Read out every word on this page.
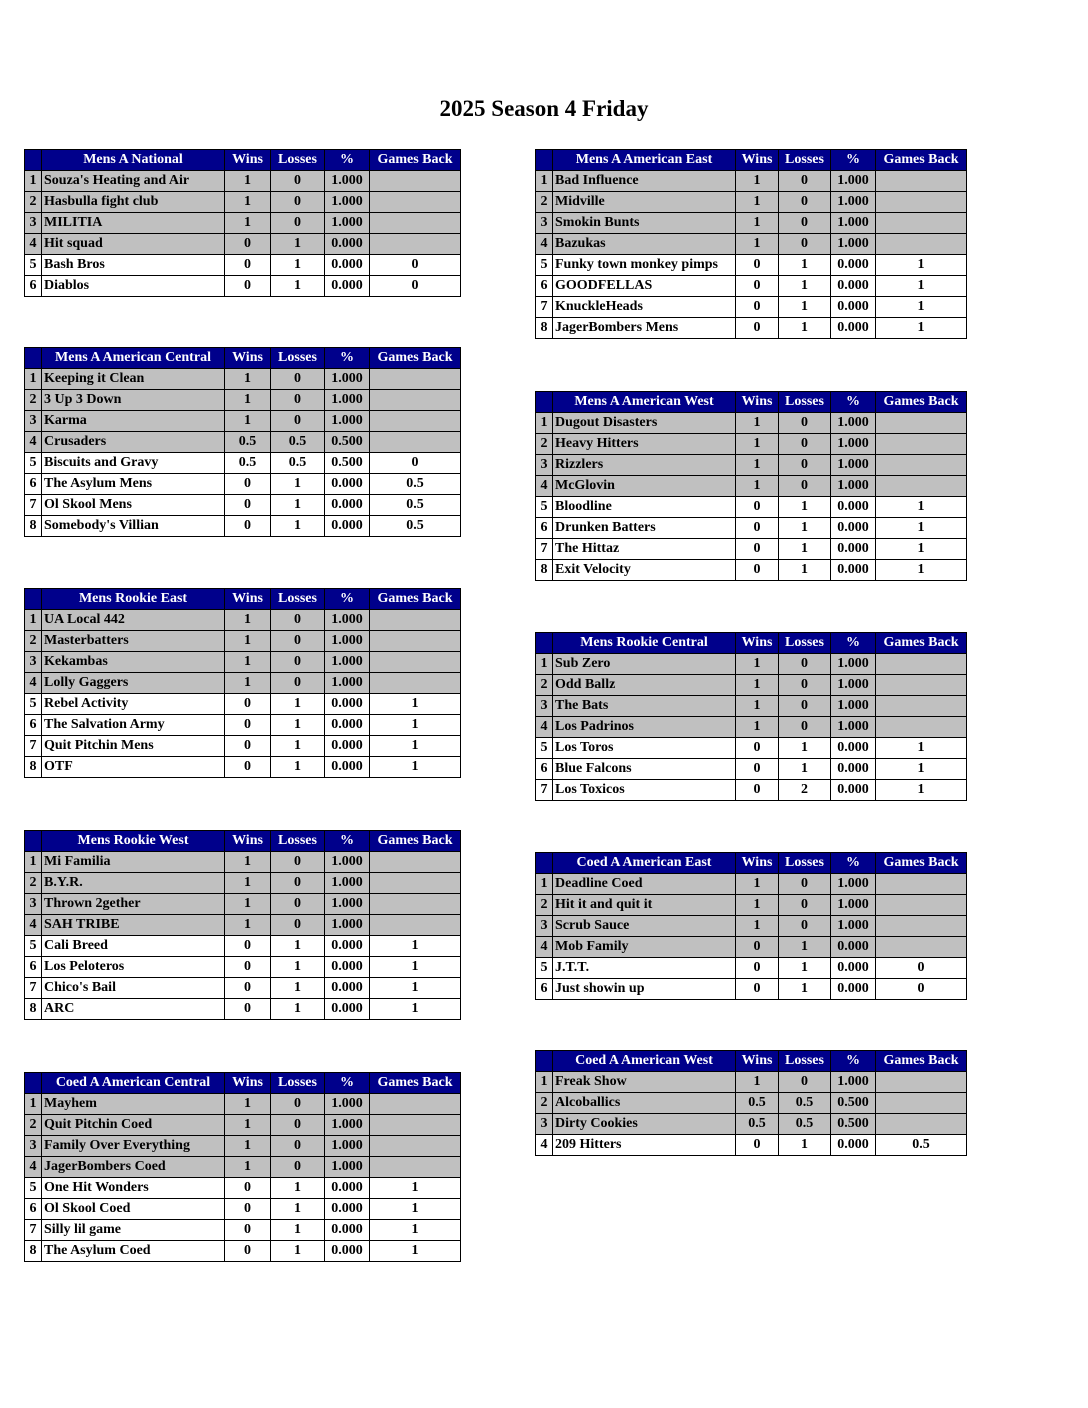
2025 Season 4 Friday
	Mens A National	Wins	Losses	%	Games Back
1	Souza's Heating and Air	1	0	1.000	
2	Hasbulla fight club	1	0	1.000	
3	MILITIA	1	0	1.000	
4	Hit squad	0	1	0.000	
5	Bash Bros	0	1	0.000	0
6	Diablos	0	1	0.000	0
	Mens A American East	Wins	Losses	%	Games Back
1	Bad Influence	1	0	1.000	
2	Midville	1	0	1.000	
3	Smokin Bunts	1	0	1.000	
4	Bazukas	1	0	1.000	
5	Funky town monkey pimps	0	1	0.000	1
6	GOODFELLAS	0	1	0.000	1
7	KnuckleHeads	0	1	0.000	1
8	JagerBombers Mens	0	1	0.000	1
	Mens A American Central	Wins	Losses	%	Games Back
1	Keeping it Clean	1	0	1.000	
2	3 Up 3 Down	1	0	1.000	
3	Karma	1	0	1.000	
4	Crusaders	0.5	0.5	0.500	
5	Biscuits and Gravy	0.5	0.5	0.500	0
6	The Asylum Mens	0	1	0.000	0.5
7	Ol Skool Mens	0	1	0.000	0.5
8	Somebody's Villian	0	1	0.000	0.5
	Mens A American West	Wins	Losses	%	Games Back
1	Dugout Disasters	1	0	1.000	
2	Heavy Hitters	1	0	1.000	
3	Rizzlers	1	0	1.000	
4	McGlovin	1	0	1.000	
5	Bloodline	0	1	0.000	1
6	Drunken Batters	0	1	0.000	1
7	The Hittaz	0	1	0.000	1
8	Exit Velocity	0	1	0.000	1
	Mens Rookie East	Wins	Losses	%	Games Back
1	UA Local 442	1	0	1.000	
2	Masterbatters	1	0	1.000	
3	Kekambas	1	0	1.000	
4	Lolly Gaggers	1	0	1.000	
5	Rebel Activity	0	1	0.000	1
6	The Salvation Army	0	1	0.000	1
7	Quit Pitchin Mens	0	1	0.000	1
8	OTF	0	1	0.000	1
	Mens Rookie Central	Wins	Losses	%	Games Back
1	Sub Zero	1	0	1.000	
2	Odd Ballz	1	0	1.000	
3	The Bats	1	0	1.000	
4	Los Padrinos	1	0	1.000	
5	Los Toros	0	1	0.000	1
6	Blue Falcons	0	1	0.000	1
7	Los Toxicos	0	2	0.000	1
	Mens Rookie West	Wins	Losses	%	Games Back
1	Mi Familia	1	0	1.000	
2	B.Y.R.	1	0	1.000	
3	Thrown 2gether	1	0	1.000	
4	SAH TRIBE	1	0	1.000	
5	Cali Breed	0	1	0.000	1
6	Los Peloteros	0	1	0.000	1
7	Chico's Bail	0	1	0.000	1
8	ARC	0	1	0.000	1
	Coed A American East	Wins	Losses	%	Games Back
1	Deadline Coed	1	0	1.000	
2	Hit it and quit it	1	0	1.000	
3	Scrub Sauce	1	0	1.000	
4	Mob Family	0	1	0.000	
5	J.T.T.	0	1	0.000	0
6	Just showin up	0	1	0.000	0
	Coed A American West	Wins	Losses	%	Games Back
1	Freak Show	1	0	1.000	
2	Alcoballics	0.5	0.5	0.500	
3	Dirty Cookies	0.5	0.5	0.500	
4	209 Hitters	0	1	0.000	0.5
	Coed A American Central	Wins	Losses	%	Games Back
1	Mayhem	1	0	1.000	
2	Quit Pitchin Coed	1	0	1.000	
3	Family Over Everything	1	0	1.000	
4	JagerBombers Coed	1	0	1.000	
5	One Hit Wonders	0	1	0.000	1
6	Ol Skool Coed	0	1	0.000	1
7	Silly lil game	0	1	0.000	1
8	The Asylum Coed	0	1	0.000	1
